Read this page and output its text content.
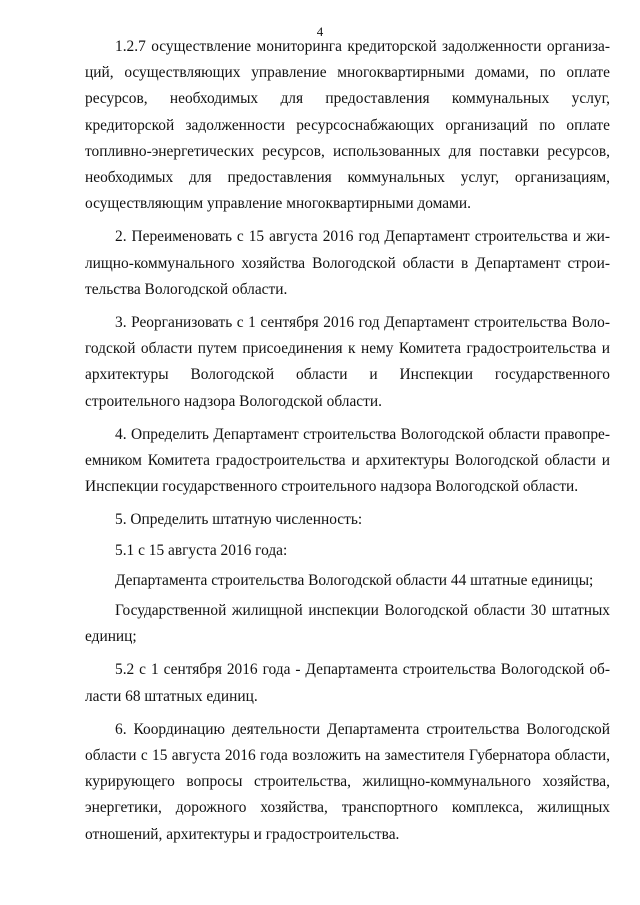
4

1.2.7 осуществление мониторинга кредиторской задолженности организаций, осуществляющих управление многоквартирными домами, по оплате ресурсов, необходимых для предоставления коммунальных услуг, кредиторской задолженности ресурсоснабжающих организаций по оплате топливно-энергетических ресурсов, использованных для поставки ресурсов, необходимых для предоставления коммунальных услуг, организациям, осуществляющим управление многоквартирными домами.

2. Переименовать с 15 августа 2016 год Департамент строительства и жилищно-коммунального хозяйства Вологодской области в Департамент строительства Вологодской области.

3. Реорганизовать с 1 сентября 2016 год Департамент строительства Вологодской области путем присоединения к нему Комитета градостроительства и архитектуры Вологодской области и Инспекции государственного строительного надзора Вологодской области.

4. Определить Департамент строительства Вологодской области правопреемником Комитета градостроительства и архитектуры Вологодской области и Инспекции государственного строительного надзора Вологодской области.

5. Определить штатную численность:

5.1 с 15 августа 2016 года:

Департамента строительства Вологодской области 44 штатные единицы;

Государственной жилищной инспекции Вологодской области 30 штатных единиц;

5.2 с 1 сентября 2016 года - Департамента строительства Вологодской области 68 штатных единиц.

6. Координацию деятельности Департамента строительства Вологодской области с 15 августа 2016 года возложить на заместителя Губернатора области, курирующего вопросы строительства, жилищно-коммунального хозяйства, энергетики, дорожного хозяйства, транспортного комплекса, жилищных отношений, архитектуры и градостроительства.
